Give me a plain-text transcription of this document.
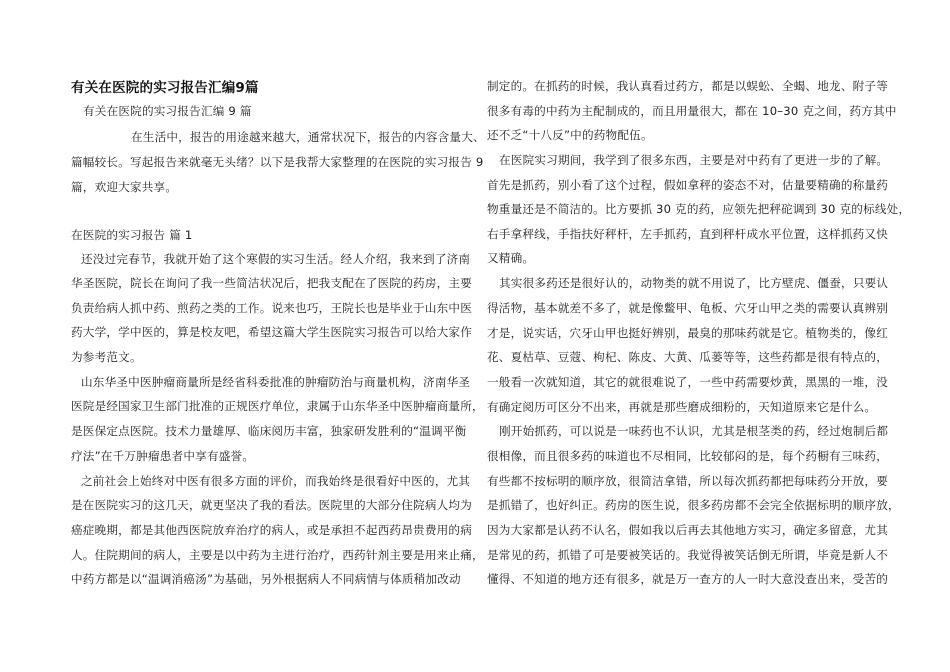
有关在医院的实习报告汇编9篇
有关在医院的实习报告汇编 9 篇
在生活中，报告的用途越来越大，通常状况下，报告的内容含量大、
篇幅较长。写起报告来就毫无头绪？以下是我帮大家整理的在医院的实习报告 9
篇，欢迎大家共享。
在医院的实习报告 篇 1
还没过完春节，我就开始了这个寒假的实习生活。经人介绍，我来到了济南
华圣医院，院长在询问了我一些简洁状况后，把我支配在了医院的药房，主要
负责给病人抓中药、煎药之类的工作。说来也巧，王院长也是毕业于山东中医
药大学，学中医的，算是校友吧，希望这篇大学生医院实习报告可以给大家作
为参考范文。
山东华圣中医肿瘤商量所是经省科委批准的肿瘤防治与商量机构，济南华圣
医院是经国家卫生部门批准的正规医疗单位，隶属于山东华圣中医肿瘤商量所，
是医保定点医院。技术力量雄厚、临床阅历丰富，独家研发胜利的“温调平衡
疗法”在千万肿瘤患者中享有盛誉。
之前社会上始终对中医有很多方面的评价，而我始终是很看好中医的，尤其
是在医院实习的这几天，就更坚决了我的看法。医院里的大部分住院病人均为
癌症晚期，都是其他西医院放弃治疗的病人，或是承担不起西药昂贵费用的病
人。住院期间的病人，主要是以中药为主进行治疗，西药针剂主要是用来止痛，
中药方都是以“温调消癌汤”为基础，另外根据病人不同病情与体质稍加改动
制定的。在抓药的时候，我认真看过药方，都是以蜈蚣、全蝎、地龙、附子等
很多有毒的中药为主配制成的，而且用量很大，都在 10–30 克之间，药方其中
还不乏“十八反”中的药物配伍。
在医院实习期间，我学到了很多东西，主要是对中药有了更进一步的了解。
首先是抓药，别小看了这个过程，假如拿秤的姿态不对，估量要精确的称量药
物重量还是不简洁的。比方要抓 30 克的药，应领先把秤砣调到 30 克的标线处，
右手拿秤线，手指扶好秤杆，左手抓药，直到秤杆成水平位置，这样抓药又快
又精确。
其实很多药还是很好认的，动物类的就不用说了，比方壁虎、僵蚕，只要认
得活物，基本就差不多了，就是像鳖甲、龟板、穴牙山甲之类的需要认真辨别
才是，说实话，穴牙山甲也挺好辨别，最臭的那味药就是它。植物类的，像红
花、夏枯草、豆蔻、枸杞、陈皮、大黄、瓜蒌等等，这些药都是很有特点的，
一般看一次就知道，其它的就很难说了，一些中药需要炒黄，黑黑的一堆，没
有确定阅历可区分不出来，再就是那些磨成细粉的，天知道原来它是什么。
刚开始抓药，可以说是一味药也不认识，尤其是根茎类的药，经过炮制后都
很相像，而且很多药的味道也不尽相同，比较郁闷的是，每个药橱有三味药，
有些都不按标明的顺序放，很简洁拿错，所以每次抓药都把每味药分开放，要
是抓错了，也好纠正。药房的医生说，很多药房都不会完全依据标明的顺序放，
因为大家都是认药不认名，假如我以后再去其他地方实习，确定多留意，尤其
是常见的药，抓错了可是要被笑话的。我觉得被笑话倒无所谓，毕竟是新人不
懂得、不知道的地方还有很多，就是万一查方的人一时大意没查出来，受苦的
